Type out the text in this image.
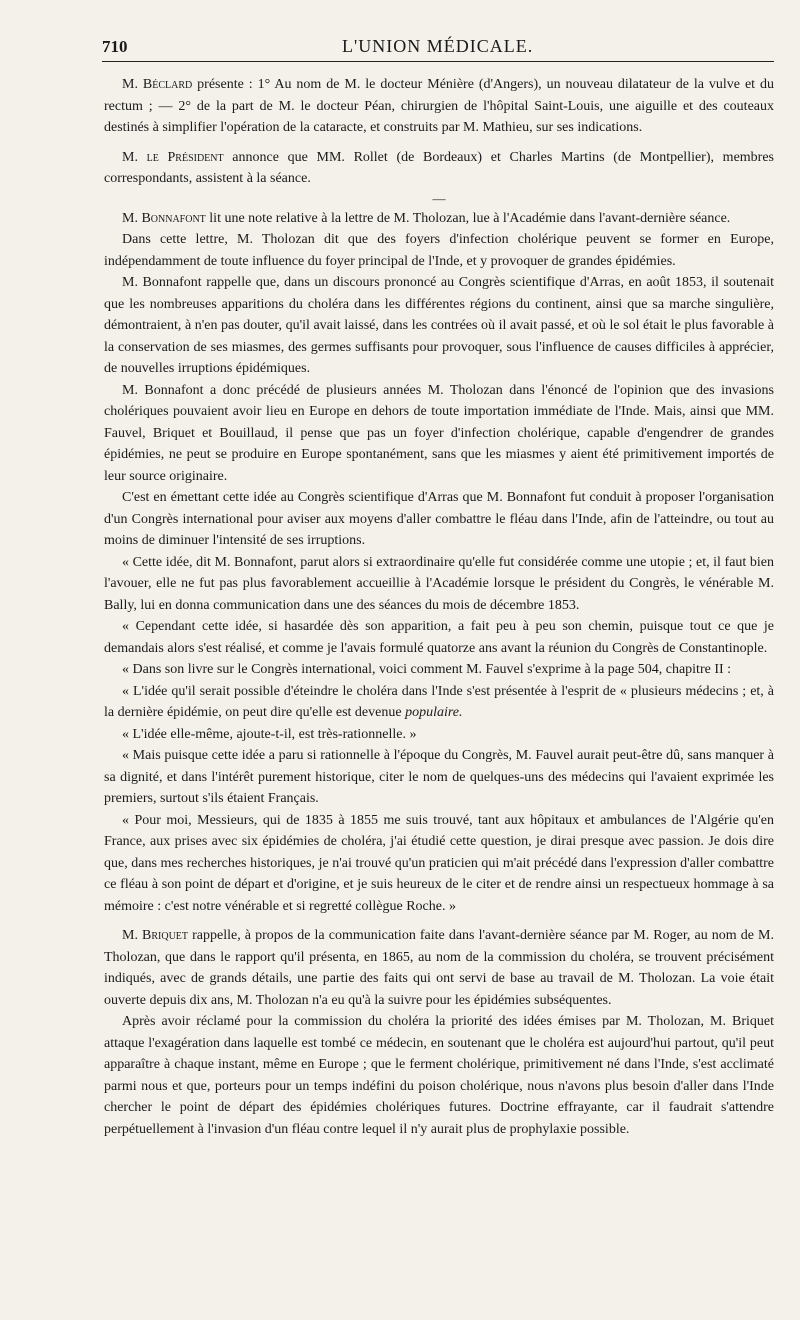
710	L'UNION MÉDICALE.

M. Béclard présente : 1° Au nom de M. le docteur Ménière (d'Angers), un nouveau dilatateur de la vulve et du rectum ; — 2° de la part de M. le docteur Péan, chirurgien de l'hôpital Saint-Louis, une aiguille et des couteaux destinés à simplifier l'opération de la cataracte, et construits par M. Mathieu, sur ses indications.

M. le Président annonce que MM. Rollet (de Bordeaux) et Charles Martins (de Montpellier), membres correspondants, assistent à la séance.

—

M. Bonnafont lit une note relative à la lettre de M. Tholozan, lue à l'Académie dans l'avant-dernière séance.

Dans cette lettre, M. Tholozan dit que des foyers d'infection cholérique peuvent se former en Europe, indépendamment de toute influence du foyer principal de l'Inde, et y provoquer de grandes épidémies.

M. Bonnafont rappelle que, dans un discours prononcé au Congrès scientifique d'Arras, en août 1853, il soutenait que les nombreuses apparitions du choléra dans les différentes régions du continent, ainsi que sa marche singulière, démontraient, à n'en pas douter, qu'il avait laissé, dans les contrées où il avait passé, et où le sol était le plus favorable à la conservation de ses miasmes, des germes suffisants pour provoquer, sous l'influence de causes difficiles à apprécier, de nouvelles irruptions épidémiques.

M. Bonnafont a donc précédé de plusieurs années M. Tholozan dans l'énoncé de l'opinion que des invasions cholériques pouvaient avoir lieu en Europe en dehors de toute importation immédiate de l'Inde. Mais, ainsi que MM. Fauvel, Briquet et Bouillaud, il pense que pas un foyer d'infection cholérique, capable d'engendrer de grandes épidémies, ne peut se produire en Europe spontanément, sans que les miasmes y aient été primitivement importés de leur source originaire.

C'est en émettant cette idée au Congrès scientifique d'Arras que M. Bonnafont fut conduit à proposer l'organisation d'un Congrès international pour aviser aux moyens d'aller combattre le fléau dans l'Inde, afin de l'atteindre, ou tout au moins de diminuer l'intensité de ses irruptions.

« Cette idée, dit M. Bonnafont, parut alors si extraordinaire qu'elle fut considérée comme une utopie ; et, il faut bien l'avouer, elle ne fut pas plus favorablement accueillie à l'Académie lorsque le président du Congrès, le vénérable M. Bally, lui en donna communication dans une des séances du mois de décembre 1853.

« Cependant cette idée, si hasardée dès son apparition, a fait peu à peu son chemin, puisque tout ce que je demandais alors s'est réalisé, et comme je l'avais formulé quatorze ans avant la réunion du Congrès de Constantinople.

« Dans son livre sur le Congrès international, voici comment M. Fauvel s'exprime à la page 504, chapitre II :

« L'idée qu'il serait possible d'éteindre le choléra dans l'Inde s'est présentée à l'esprit de « plusieurs médecins ; et, à la dernière épidémie, on peut dire qu'elle est devenue populaire.

« L'idée elle-même, ajoute-t-il, est très-rationnelle. »

« Mais puisque cette idée a paru si rationnelle à l'époque du Congrès, M. Fauvel aurait peut-être dû, sans manquer à sa dignité, et dans l'intérêt purement historique, citer le nom de quelques-uns des médecins qui l'avaient exprimée les premiers, surtout s'ils étaient Français.

« Pour moi, Messieurs, qui de 1835 à 1855 me suis trouvé, tant aux hôpitaux et ambulances de l'Algérie qu'en France, aux prises avec six épidémies de choléra, j'ai étudié cette question, je dirai presque avec passion. Je dois dire que, dans mes recherches historiques, je n'ai trouvé qu'un praticien qui m'ait précédé dans l'expression d'aller combattre ce fléau à son point de départ et d'origine, et je suis heureux de le citer et de rendre ainsi un respectueux hommage à sa mémoire : c'est notre vénérable et si regretté collègue Roche. »

M. Briquet rappelle, à propos de la communication faite dans l'avant-dernière séance par M. Roger, au nom de M. Tholozan, que dans le rapport qu'il présenta, en 1865, au nom de la commission du choléra, se trouvent précisément indiqués, avec de grands détails, une partie des faits qui ont servi de base au travail de M. Tholozan. La voie était ouverte depuis dix ans, M. Tholozan n'a eu qu'à la suivre pour les épidémies subséquentes.

Après avoir réclamé pour la commission du choléra la priorité des idées émises par M. Tholozan, M. Briquet attaque l'exagération dans laquelle est tombé ce médecin, en soutenant que le choléra est aujourd'hui partout, qu'il peut apparaître à chaque instant, même en Europe ; que le ferment cholérique, primitivement né dans l'Inde, s'est acclimaté parmi nous et que, porteurs pour un temps indéfini du poison cholérique, nous n'avons plus besoin d'aller dans l'Inde chercher le point de départ des épidémies cholériques futures. Doctrine effrayante, car il faudrait s'attendre perpétuellement à l'invasion d'un fléau contre lequel il n'y aurait plus de prophylaxie possible.
